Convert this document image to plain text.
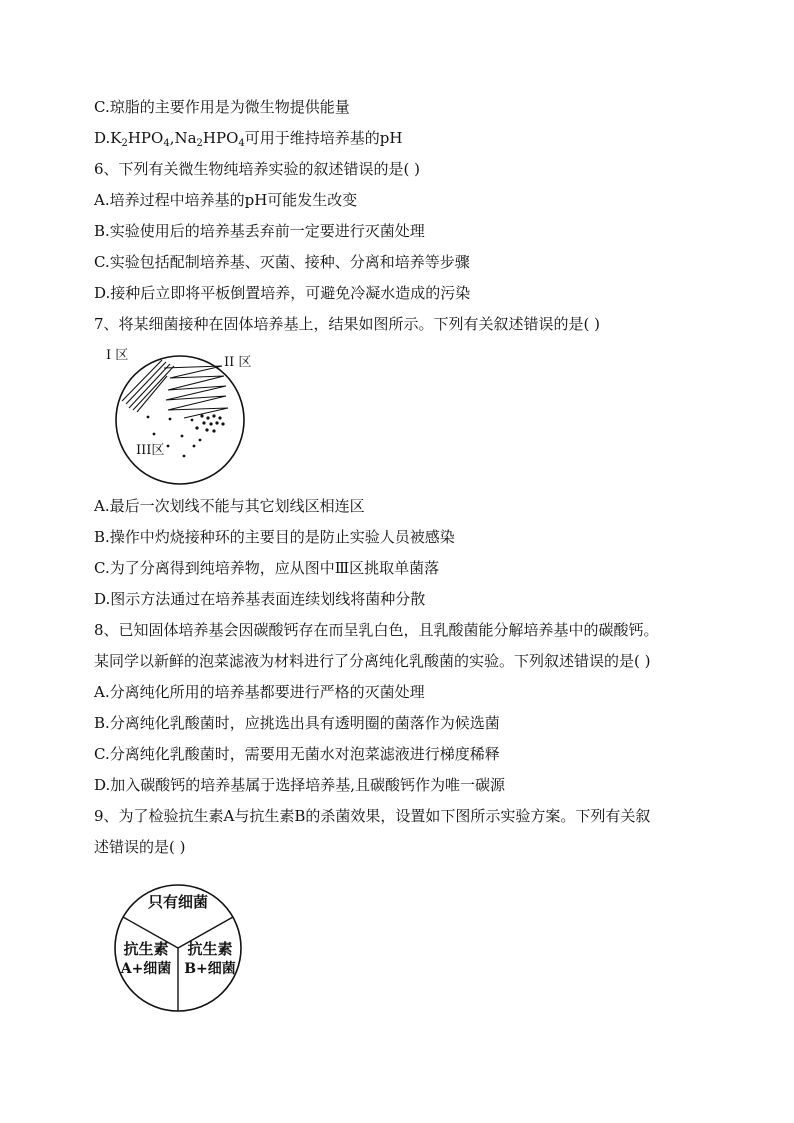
C.琼脂的主要作用是为微生物提供能量
$D.K_2HPO_4,Na_2HPO_4$可用于维持培养基的pH
6、下列有关微生物纯培养实验的叙述错误的是( )
A.培养过程中培养基的pH可能发生改变
B.实验使用后的培养基丢弃前一定要进行灭菌处理
C.实验包括配制培养基、灭菌、接种、分离和培养等步骤
D.接种后立即将平板倒置培养，可避免冷凝水造成的污染
7、将某细菌接种在固体培养基上，结果如图所示。下列有关叙述错误的是( )
I 区	II 区
III区
A.最后一次划线不能与其它划线区相连区
B.操作中灼烧接种环的主要目的是防止实验人员被感染
C.为了分离得到纯培养物，应从图中Ⅲ区挑取单菌落
D.图示方法通过在培养基表面连续划线将菌种分散
8、已知固体培养基会因碳酸钙存在而呈乳白色，且乳酸菌能分解培养基中的碳酸钙。
某同学以新鲜的泡菜滤液为材料进行了分离纯化乳酸菌的实验。下列叙述错误的是( )
A.分离纯化所用的培养基都要进行严格的灭菌处理
B.分离纯化乳酸菌时，应挑选出具有透明圈的菌落作为候选菌
C.分离纯化乳酸菌时，需要用无菌水对泡菜滤液进行梯度稀释
D.加入碳酸钙的培养基属于选择培养基,且碳酸钙作为唯一碳源
9、为了检验抗生素A与抗生素B的杀菌效果，设置如下图所示实验方案。下列有关叙
述错误的是( )
只有细菌
抗生素
A+细菌
抗生素
B+细菌
